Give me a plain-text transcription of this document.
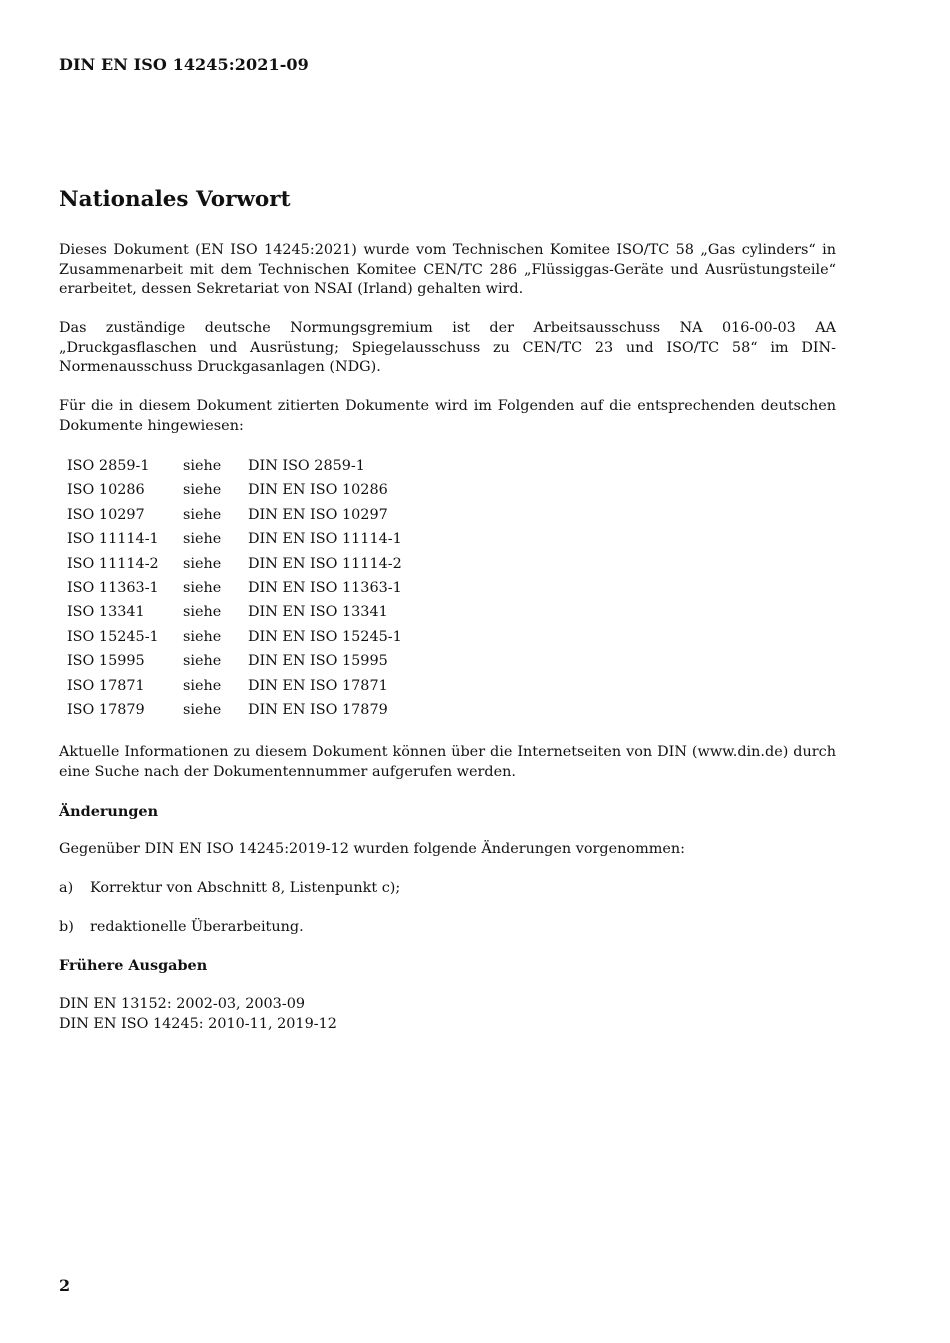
DIN EN ISO 14245:2021-09
Nationales Vorwort

Dieses Dokument (EN ISO 14245:2021) wurde vom Technischen Komitee ISO/TC 58 „Gas cylinders“ in Zusammenarbeit mit dem Technischen Komitee CEN/TC 286 „Flüssiggas-Geräte und Ausrüstungsteile“ erarbeitet, dessen Sekretariat von NSAI (Irland) gehalten wird.

Das zuständige deutsche Normungsgremium ist der Arbeitsausschuss NA 016-00-03 AA „Druckgasflaschen und Ausrüstung; Spiegelausschuss zu CEN/TC 23 und ISO/TC 58“ im DIN-Normenausschuss Druckgasanlagen (NDG).

Für die in diesem Dokument zitierten Dokumente wird im Folgenden auf die entsprechenden deutschen Dokumente hingewiesen:

ISO 2859-1	siehe	DIN ISO 2859-1
ISO 10286	siehe	DIN EN ISO 10286
ISO 10297	siehe	DIN EN ISO 10297
ISO 11114-1	siehe	DIN EN ISO 11114-1
ISO 11114-2	siehe	DIN EN ISO 11114-2
ISO 11363-1	siehe	DIN EN ISO 11363-1
ISO 13341	siehe	DIN EN ISO 13341
ISO 15245-1	siehe	DIN EN ISO 15245-1
ISO 15995	siehe	DIN EN ISO 15995
ISO 17871	siehe	DIN EN ISO 17871
ISO 17879	siehe	DIN EN ISO 17879

Aktuelle Informationen zu diesem Dokument können über die Internetseiten von DIN (www.din.de) durch eine Suche nach der Dokumentennummer aufgerufen werden.

Änderungen

Gegenüber DIN EN ISO 14245:2019-12 wurden folgende Änderungen vorgenommen:

a) Korrektur von Abschnitt 8, Listenpunkt c);
b) redaktionelle Überarbeitung.
Frühere Ausgaben

DIN EN 13152: 2002-03, 2003-09

DIN EN ISO 14245: 2010-11, 2019-12

2
